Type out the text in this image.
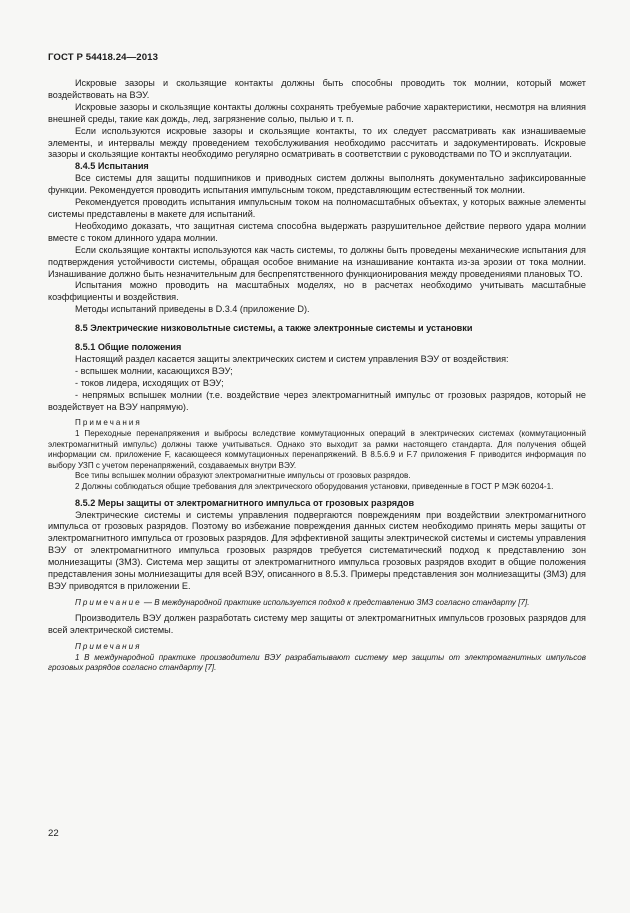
ГОСТ Р 54418.24—2013

Искровые зазоры и скользящие контакты должны быть способны проводить ток молнии, который может воздействовать на ВЭУ.

Искровые зазоры и скользящие контакты должны сохранять требуемые рабочие характеристики, несмотря на влияния внешней среды, такие как дождь, лед, загрязнение солью, пылью и т. п.

Если используются искровые зазоры и скользящие контакты, то их следует рассматривать как изнашиваемые элементы, и интервалы между проведением техобслуживания необходимо рассчитать и задокументировать. Искровые зазоры и скользящие контакты необходимо регулярно осматривать в соответствии с руководствами по ТО и эксплуатации.

8.4.5 Испытания

Все системы для защиты подшипников и приводных систем должны выполнять документально зафиксированные функции. Рекомендуется проводить испытания импульсным током, представляющим естественный ток молнии.

Рекомендуется проводить испытания импульсным током на полномасштабных объектах, у которых важные элементы системы представлены в макете для испытаний.

Необходимо доказать, что защитная система способна выдержать разрушительное действие первого удара молнии вместе с током длинного удара молнии.

Если скользящие контакты используются как часть системы, то должны быть проведены механические испытания для подтверждения устойчивости системы, обращая особое внимание на изнашивание контакта из-за эрозии от тока молнии. Изнашивание должно быть незначительным для беспрепятственного функционирования между проведениями плановых ТО.

Испытания можно проводить на масштабных моделях, но в расчетах необходимо учитывать масштабные коэффициенты и воздействия.

Методы испытаний приведены в D.3.4 (приложение D).

8.5 Электрические низковольтные системы, а также электронные системы и установки

8.5.1 Общие положения

Настоящий раздел касается защиты электрических систем и систем управления ВЭУ от воздействия:

- вспышек молнии, касающихся ВЭУ;

- токов лидера, исходящих от ВЭУ;

- непрямых вспышек молнии (т.е. воздействие через электромагнитный импульс от грозовых разрядов, который не воздействует на ВЭУ напрямую).

Примечания

1 Переходные перенапряжения и выбросы вследствие коммутационных операций в электрических системах (коммутационный электромагнитный импульс) должны также учитываться. Однако это выходит за рамки настоящего стандарта. Для получения общей информации см. приложение F, касающееся коммутационных перенапряжений. В 8.5.6.9 и F.7 приложения F приводится информация по выбору УЗП с учетом перенапряжений, создаваемых внутри ВЭУ.

Все типы вспышек молнии образуют электромагнитные импульсы от грозовых разрядов.

2 Должны соблюдаться общие требования для электрического оборудования установки, приведенные в ГОСТ Р МЭК 60204-1.

8.5.2 Меры защиты от электромагнитного импульса от грозовых разрядов

Электрические системы и системы управления подвергаются повреждениям при воздействии электромагнитного импульса от грозовых разрядов. Поэтому во избежание повреждения данных систем необходимо принять меры защиты от электромагнитного импульса от грозовых разрядов. Для эффективной защиты электрической системы и системы управления ВЭУ от электромагнитного импульса грозовых разрядов требуется систематический подход к представлению зон молниезащиты (ЗМЗ). Система мер защиты от электромагнитного импульса грозовых разрядов входит в общие положения представления зоны молниезащиты для всей ВЭУ, описанного в 8.5.3. Примеры представления зон молниезащиты (ЗМЗ) для ВЭУ приводятся в приложении Е.

Примечание — В международной практике используется подход к представлению ЗМЗ согласно стандарту [7].

Производитель ВЭУ должен разработать систему мер защиты от электромагнитных импульсов грозовых разрядов для всей электрической системы.

Примечания

1 В международной практике производители ВЭУ разрабатывают систему мер защиты от электромагнитных импульсов грозовых разрядов согласно стандарту [7].

22
